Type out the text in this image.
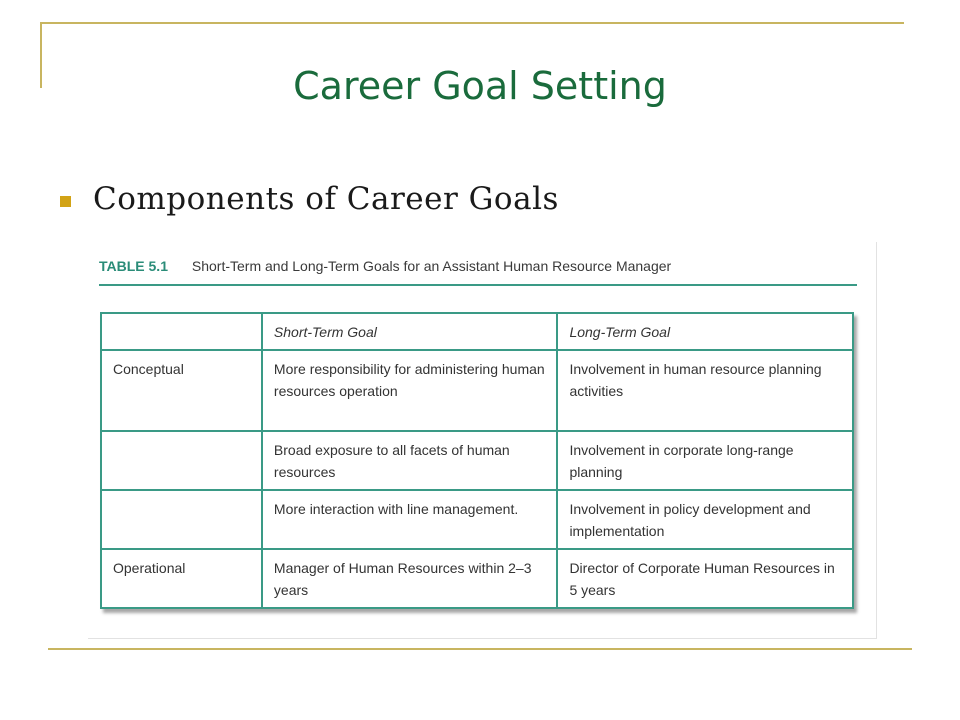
Career Goal Setting
Components of Career Goals
TABLE 5.1 Short-Term and Long-Term Goals for an Assistant Human Resource Manager
	Short-Term Goal	Long-Term Goal
Conceptual	More responsibility for administering human resources operation	Involvement in human resource planning activities
	Broad exposure to all facets of human resources	Involvement in corporate long-range planning
	More interaction with line management.	Involvement in policy development and implementation
Operational	Manager of Human Resources within 2–3 years	Director of Corporate Human Resources in 5 years
